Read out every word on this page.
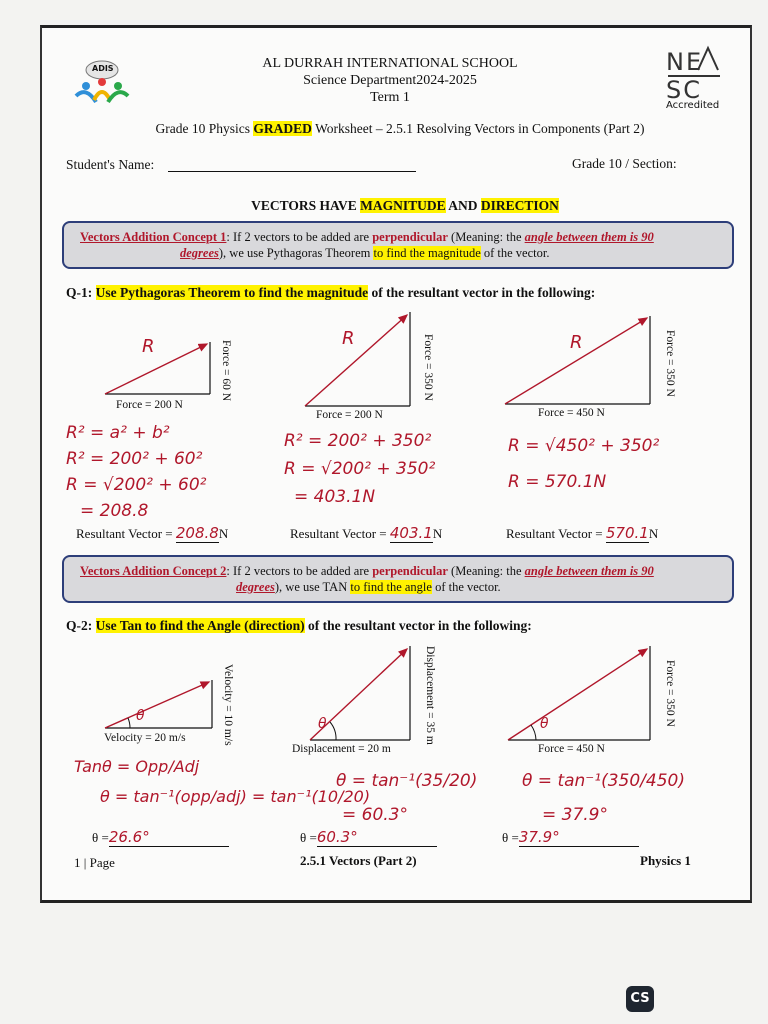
ADIS	AL DURRAH INTERNATIONAL SCHOOL
Science Department2024-2025
Term 1
NE
SC
Accredited
Grade 10 Physics GRADED Worksheet – 2.5.1 Resolving Vectors in Components (Part 2)
Student's Name:	Grade 10 / Section:
VECTORS HAVE MAGNITUDE AND DIRECTION
Vectors Addition Concept 1: If 2 vectors to be added are perpendicular (Meaning: the angle between them is 90
degrees), we use Pythagoras Theorem to find the magnitude of the vector.
Q-1: Use Pythagoras Theorem to find the magnitude of the resultant vector in the following:
R
Force = 200 N
Force = 60 N
R² = a² + b²
R² = 200² + 60²
R = √200² + 60²
= 208.8
Resultant Vector = 208.8N
R
Force = 200 N
Force = 350 N
R² = 200² + 350²
R = √200² + 350²
= 403.1N
Resultant Vector = 403.1N
R
Force = 450 N
Force = 350 N
R = √450² + 350²
R = 570.1N
Resultant Vector = 570.1N
Vectors Addition Concept 2: If 2 vectors to be added are perpendicular (Meaning: the angle between them is 90
degrees), we use TAN to find the angle of the vector.
Q-2: Use Tan to find the Angle (direction) of the resultant vector in the following:
θ
Velocity = 20 m/s	Velocity = 10 m/s
Tanθ = Opp/Adj
θ = tan⁻¹(opp/adj) = tan⁻¹(10/20)
θ =26.6°
θ
Displacement = 20 m
Displacement = 35 m
θ = tan⁻¹(35/20)
= 60.3°
θ =60.3°
θ
Force = 450 N
Force = 350 N
θ = tan⁻¹(350/450)
= 37.9°
θ =37.9°
1 | Page	2.5.1 Vectors (Part 2)	Physics 1
CS
